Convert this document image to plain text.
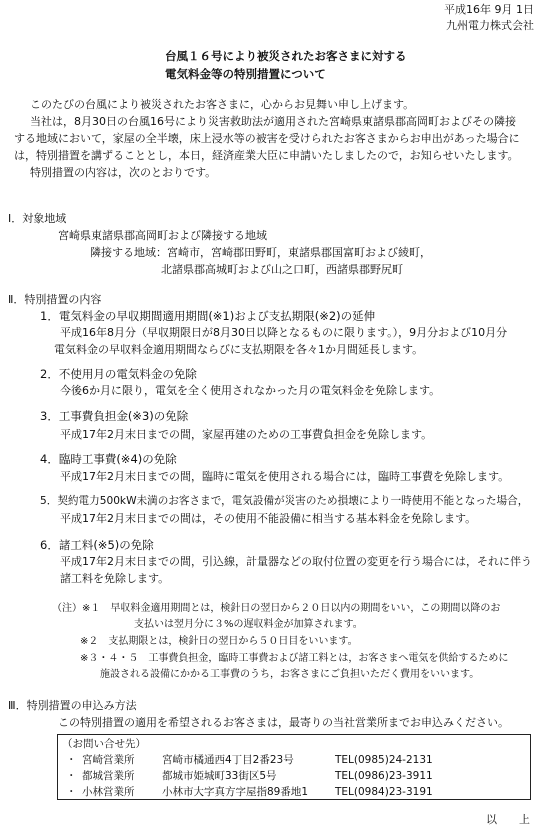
平成16年 9月 1日
九州電力株式会社
台風１６号により被災されたお客さまに対する
電気料金等の特別措置について
このたびの台風により被災されたお客さまに，心からお見舞い申し上げます。
当社は，8月30日の台風16号により災害救助法が適用された宮崎県東諸県郡高岡町およびその隣接
する地域において，家屋の全半壊，床上浸水等の被害を受けられたお客さまからお申出があった場合に
は，特別措置を講ずることとし，本日，経済産業大臣に申請いたしましたので，お知らせいたします。
特別措置の内容は，次のとおりです。
Ⅰ．対象地域
宮崎県東諸県郡高岡町および隣接する地域
隣接する地域：宮崎市，宮崎郡田野町，東諸県郡国富町および綾町，
北諸県郡高城町および山之口町，西諸県郡野尻町
Ⅱ．特別措置の内容
1．電気料金の早収期間適用期間(※1)および支払期限(※2)の延伸
平成16年8月分（早収期限日が8月30日以降となるものに限ります。），9月分および10月分
電気料金の早収料金適用期間ならびに支払期限を各々1か月間延長します。
2．不使用月の電気料金の免除
今後6か月に限り，電気を全く使用されなかった月の電気料金を免除します。
3．工事費負担金(※3)の免除
平成17年2月末日までの間，家屋再建のための工事費負担金を免除します。
4．臨時工事費(※4)の免除
平成17年2月末日までの間，臨時に電気を使用される場合には，臨時工事費を免除します。
5．契約電力500kW未満のお客さまで，電気設備が災害のため損壊により一時使用不能となった場合，
平成17年2月末日までの間は，その使用不能設備に相当する基本料金を免除します。
6．諸工料(※5)の免除
平成17年2月末日までの間，引込線，計量器などの取付位置の変更を行う場合には，それに伴う
諸工料を免除します。
（注）※１　早収料金適用期間とは，検針日の翌日から２０日以内の期間をいい，この期間以降のお
支払いは翌月分に３%の遅収料金が加算されます。
※２　支払期限とは，検針日の翌日から５０日目をいいます。
※３・４・５　工事費負担金，臨時工事費および諸工料とは，お客さまへ電気を供給するために
施設される設備にかかる工事費のうち，お客さまにご負担いただく費用をいいます。
Ⅲ．特別措置の申込み方法
この特別措置の適用を希望されるお客さまは，最寄りの当社営業所までお申込みください。
（お問い合せ先）
・ 宮崎営業所	宮崎市橘通西4丁目2番23号	TEL(0985)24-2131
・ 都城営業所	都城市姫城町33街区5号	TEL(0986)23-3911
・ 小林営業所	小林市大字真方字屋指89番地1	TEL(0984)23-3191
以　　上
